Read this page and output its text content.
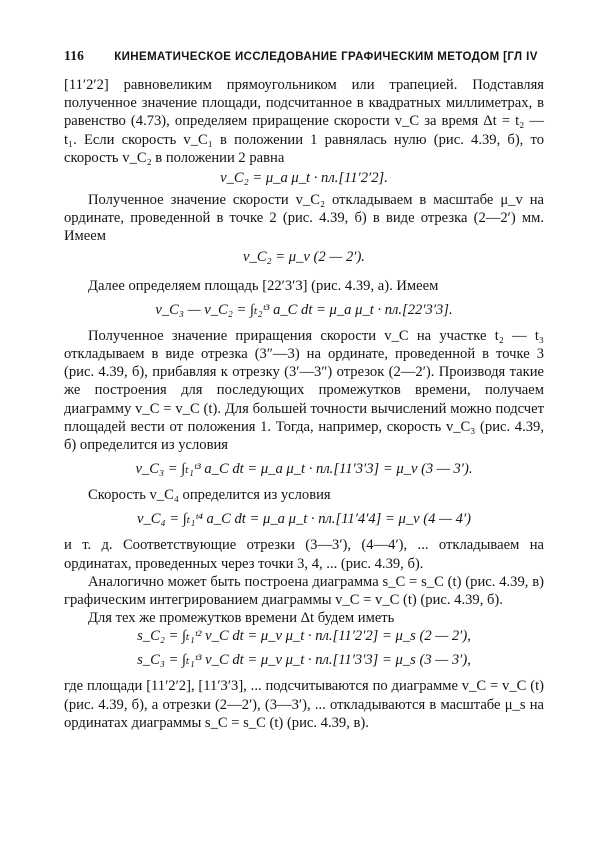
116	КИНЕМАТИЧЕСКОЕ ИССЛЕДОВАНИЕ ГРАФИЧЕСКИМ МЕТОДОМ [ГЛ IV

[11′2′2] равновеликим прямоугольником или трапецией. Подставляя полученное значение площади, подсчитанное в квадратных миллиметрах, в равенство (4.73), определяем приращение скорости v_C за время Δt = t₂ — t₁. Если скорость v_C₁ в положении 1 равнялась нулю (рис. 4.39, б), то скорость v_C₂ в положении 2 равна

v_C₂ = μ_a μ_t · пл.[11′2′2].

Полученное значение скорости v_C₂ откладываем в масштабе μ_v на ординате, проведенной в точке 2 (рис. 4.39, б) в виде отрезка (2—2′) мм. Имеем

v_C₂ = μ_v (2 — 2′).

Далее определяем площадь [22′3′3] (рис. 4.39, а). Имеем

v_C₃ — v_C₂ = ∫ₜ₂ᵗ³ a_C dt = μ_a μ_t · пл.[22′3′3].

Полученное значение приращения скорости v_C на участке t₂ — t₃ откладываем в виде отрезка (3″—3) на ординате, проведенной в точке 3 (рис. 4.39, б), прибавляя к отрезку (3′—3″) отрезок (2—2′). Производя такие же построения для последующих промежутков времени, получаем диаграмму v_C = v_C (t). Для большей точности вычислений можно подсчет площадей вести от положения 1. Тогда, например, скорость v_C₃ (рис. 4.39, б) определится из условия

v_C₃ = ∫ₜ₁ᵗ³ a_C dt = μ_a μ_t · пл.[11′3′3] = μ_v (3 — 3′).

Скорость v_C₄ определится из условия

v_C₄ = ∫ₜ₁ᵗ⁴ a_C dt = μ_a μ_t · пл.[11′4′4] = μ_v (4 — 4′)

и т. д. Соответствующие отрезки (3—3′), (4—4′), ... откладываем на ординатах, проведенных через точки 3, 4, ... (рис. 4.39, б).

Аналогично может быть построена диаграмма s_C = s_C (t) (рис. 4.39, в) графическим интегрированием диаграммы v_C = v_C (t) (рис. 4.39, б).

Для тех же промежутков времени Δt будем иметь

s_C₂ = ∫ₜ₁ᵗ² v_C dt = μ_v μ_t · пл.[11′2′2] = μ_s (2 — 2′),
s_C₃ = ∫ₜ₁ᵗ³ v_C dt = μ_v μ_t · пл.[11′3′3] = μ_s (3 — 3′),

где площади [11′2′2], [11′3′3], ... подсчитываются по диаграмме v_C = v_C (t) (рис. 4.39, б), а отрезки (2—2′), (3—3′), ... откладываются в масштабе μ_s на ординатах диаграммы s_C = s_C (t) (рис. 4.39, в).
